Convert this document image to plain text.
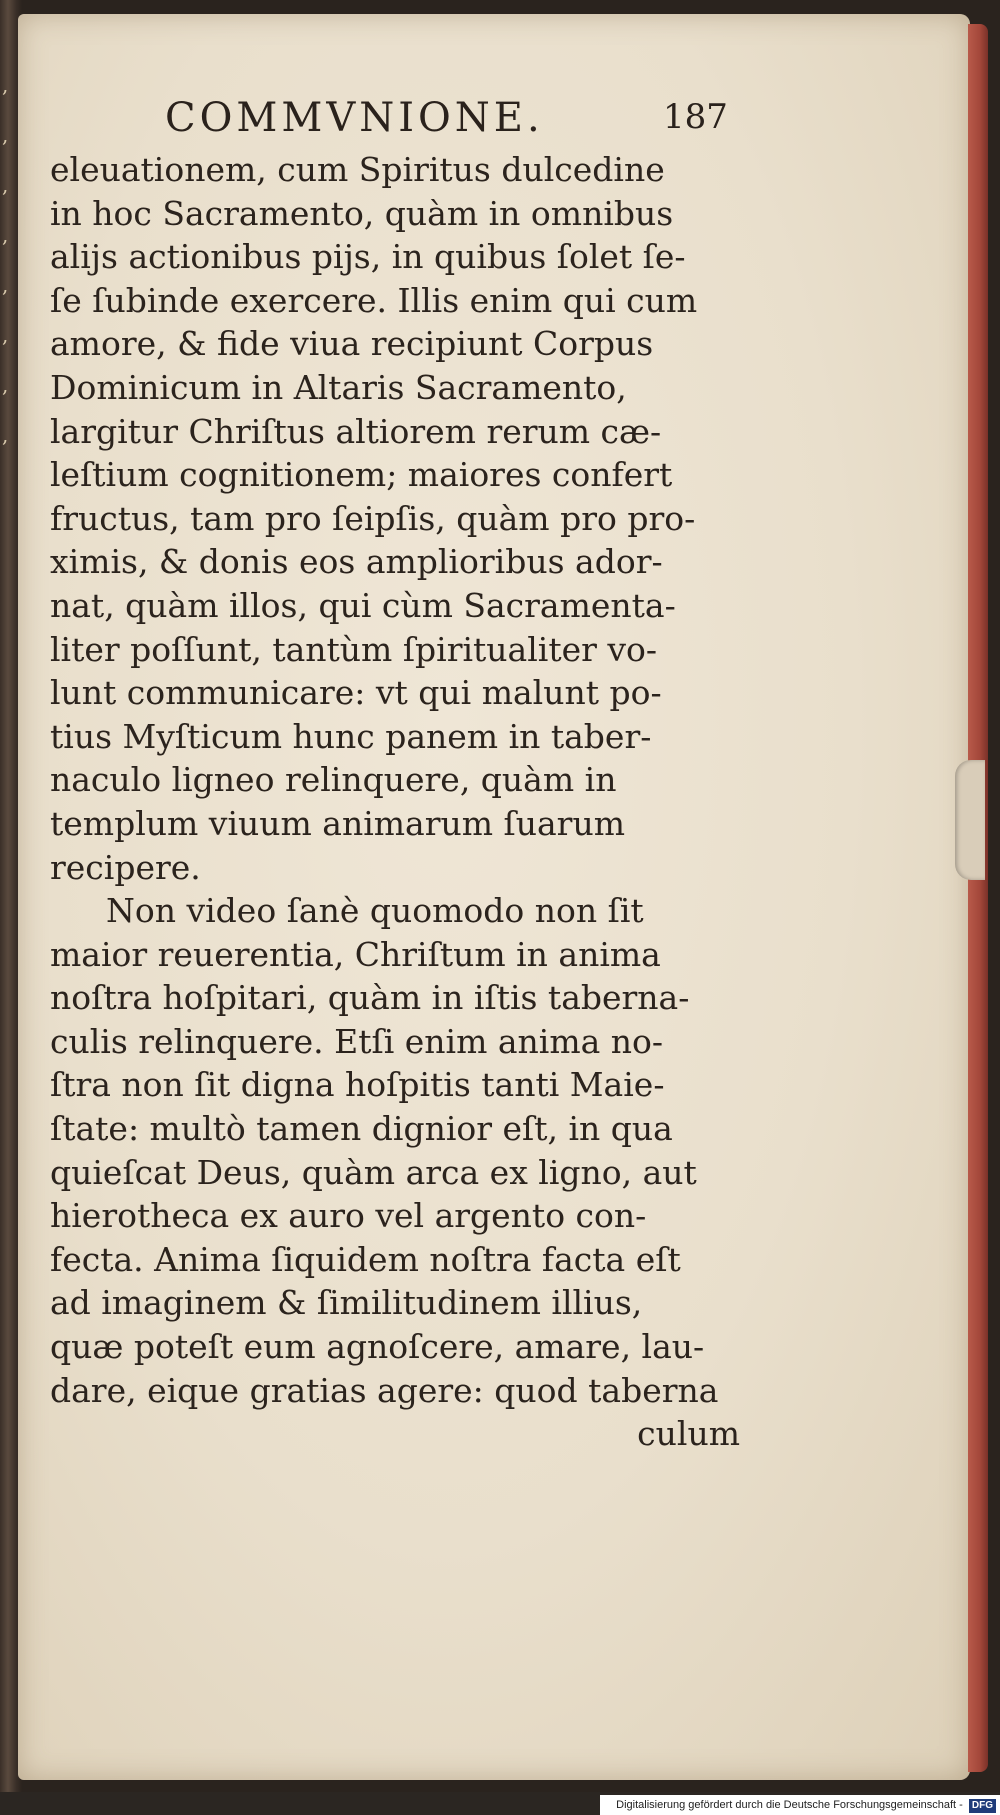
,
,
,
,
,
,
,
,

COMMVNIONE.	187
eleuationem, cum Spiritus dulcedine
in hoc Sacramento, quàm in omnibus
alijs actionibus pijs, in quibus ſolet ſe-
ſe ſubinde exercere. Illis enim qui cum
amore, & fide viua recipiunt Corpus
Dominicum in Altaris Sacramento,
largitur Chriſtus altiorem rerum cæ-
leſtium cognitionem; maiores confert
fructus, tam pro ſeipſis, quàm pro pro-
ximis, & donis eos amplioribus ador-
nat, quàm illos, qui cùm Sacramenta-
liter poſſunt, tantùm ſpiritualiter vo-
lunt communicare: vt qui malunt po-
tius Myſticum hunc panem in taber-
naculo ligneo relinquere, quàm in
templum viuum animarum ſuarum
recipere.
Non video ſanè quomodo non ſit
maior reuerentia, Chriſtum in anima
noſtra hoſpitari, quàm in iſtis taberna-
culis relinquere. Etſi enim anima no-
ſtra non ſit digna hoſpitis tanti Maie-
ſtate: multò tamen dignior eſt, in qua
quieſcat Deus, quàm arca ex ligno, aut
hierotheca ex auro vel argento con-
fecta. Anima ſiquidem noſtra facta eſt
ad imaginem & ſimilitudinem illius,
quæ poteſt eum agnoſcere, amare, lau-
dare, eique gratias agere: quod taberna
culum
Digitalisierung gefördert durch die Deutsche Forschungsgemeinschaft - DFG
